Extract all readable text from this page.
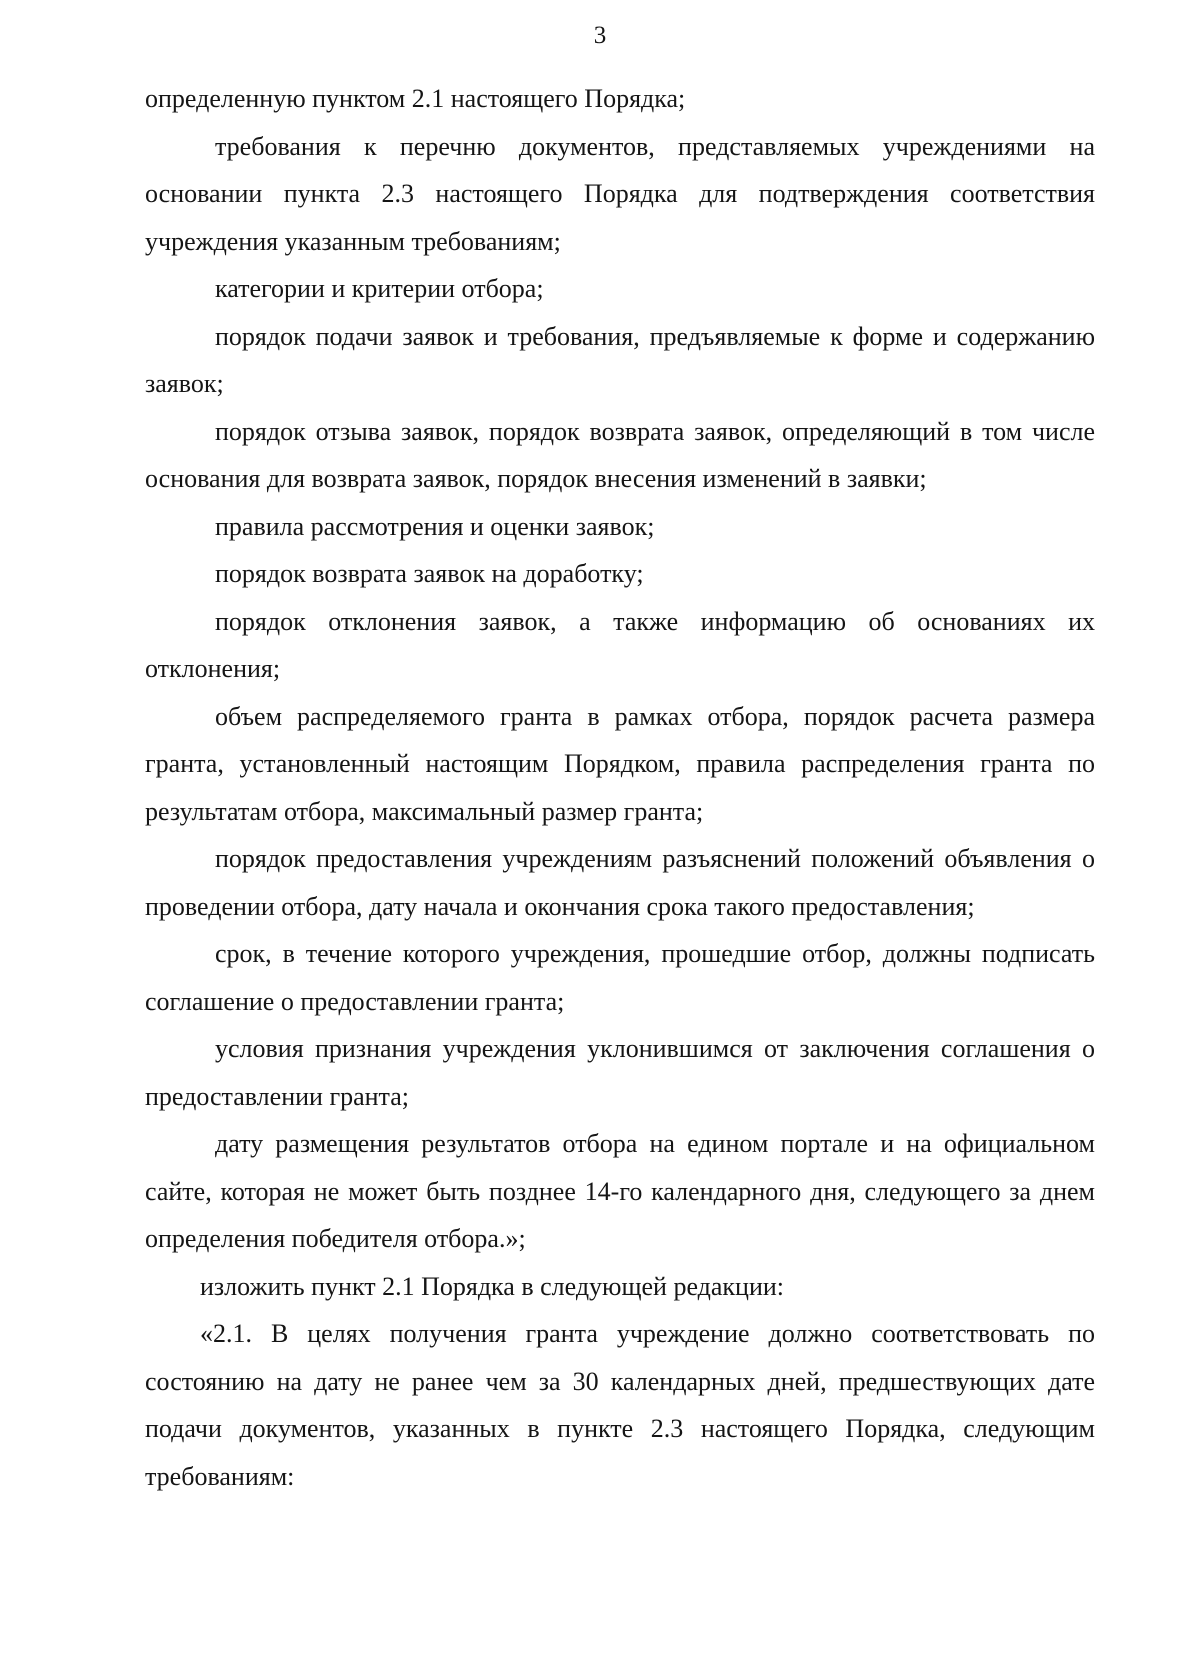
3

определенную пунктом 2.1 настоящего Порядка;

требования к перечню документов, представляемых учреждениями на основании пункта 2.3 настоящего Порядка для подтверждения соответствия учреждения указанным требованиям;

категории и критерии отбора;

порядок подачи заявок и требования, предъявляемые к форме и содержанию заявок;

порядок отзыва заявок, порядок возврата заявок, определяющий в том числе основания для возврата заявок, порядок внесения изменений в заявки;

правила рассмотрения и оценки заявок;

порядок возврата заявок на доработку;

порядок отклонения заявок, а также информацию об основаниях их отклонения;

объем распределяемого гранта в рамках отбора, порядок расчета размера гранта, установленный настоящим Порядком, правила распределения гранта по результатам отбора, максимальный размер гранта;

порядок предоставления учреждениям разъяснений положений объявления о проведении отбора, дату начала и окончания срока такого предоставления;

срок, в течение которого учреждения, прошедшие отбор, должны подписать соглашение о предоставлении гранта;

условия признания учреждения уклонившимся от заключения соглашения о предоставлении гранта;

дату размещения результатов отбора на едином портале и на официальном сайте, которая не может быть позднее 14-го календарного дня, следующего за днем определения победителя отбора.»;

изложить пункт 2.1 Порядка в следующей редакции:

«2.1. В целях получения гранта учреждение должно соответствовать по состоянию на дату не ранее чем за 30 календарных дней, предшествующих дате подачи документов, указанных в пункте 2.3 настоящего Порядка, следующим требованиям:
